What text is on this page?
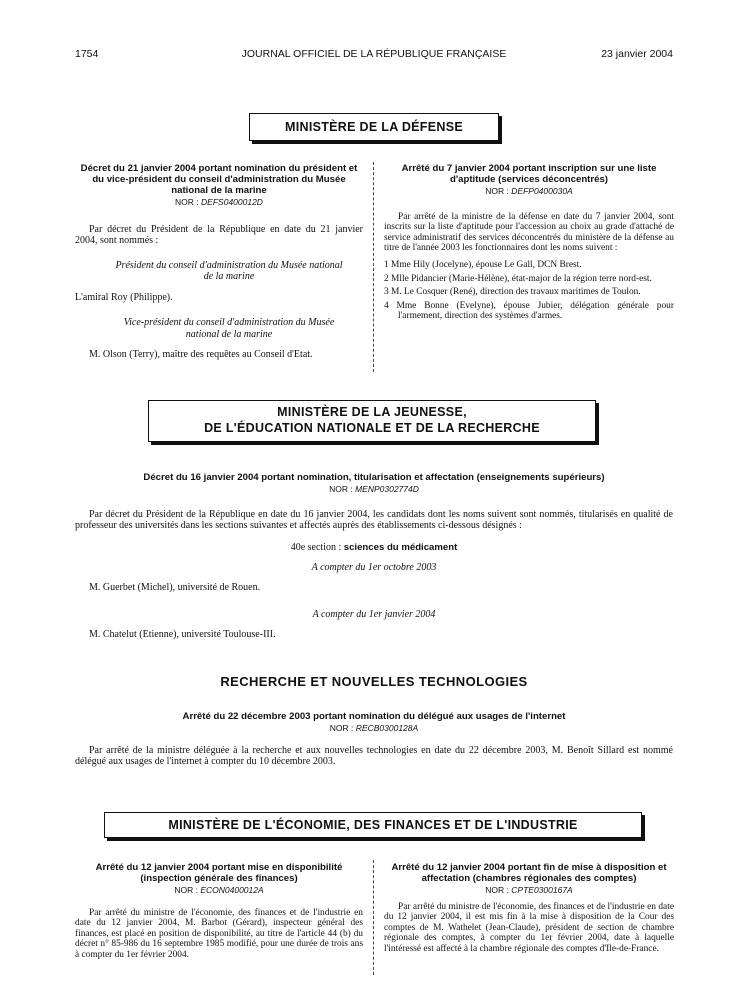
1754	JOURNAL OFFICIEL DE LA RÉPUBLIQUE FRANÇAISE	23 janvier 2004
MINISTÈRE DE LA DÉFENSE
Décret du 21 janvier 2004 portant nomination du président et du vice-président du conseil d'administration du Musée national de la marine
NOR : DEFS0400012D

Par décret du Président de la République en date du 21 janvier 2004, sont nommés :

Président du conseil d'administration du Musée national de la marine
L'amiral Roy (Philippe).
Vice-président du conseil d'administration du Musée national de la marine
M. Olson (Terry), maître des requêtes au Conseil d'Etat.
Arrêté du 7 janvier 2004 portant inscription sur une liste d'aptitude (services déconcentrés)
NOR : DEFP0400030A

Par arrêté de la ministre de la défense en date du 7 janvier 2004, sont inscrits sur la liste d'aptitude pour l'accession au choix au grade d'attaché de service administratif des services déconcentrés du ministère de la défense au titre de l'année 2003 les fonctionnaires dont les noms suivent :

1 Mme Hily (Jocelyne), épouse Le Gall, DCN Brest.
2 Mlle Pidancier (Marie-Hélène), état-major de la région terre nord-est.
3 M. Le Cosquer (René), direction des travaux maritimes de Toulon.
4 Mme Bonne (Evelyne), épouse Jubier, délégation générale pour l'armement, direction des systèmes d'armes.
MINISTÈRE DE LA JEUNESSE,
DE L'ÉDUCATION NATIONALE ET DE LA RECHERCHE
Décret du 16 janvier 2004 portant nomination, titularisation et affectation (enseignements supérieurs)
NOR : MENP0302774D

Par décret du Président de la République en date du 16 janvier 2004, les candidats dont les noms suivent sont nommés, titularisés en qualité de professeur des universités dans les sections suivantes et affectés auprès des établissements ci-dessous désignés :

40e section : sciences du médicament
A compter du 1er octobre 2003
M. Guerbet (Michel), université de Rouen.
A compter du 1er janvier 2004
M. Chatelut (Etienne), université Toulouse-III.
RECHERCHE ET NOUVELLES TECHNOLOGIES
Arrêté du 22 décembre 2003 portant nomination du délégué aux usages de l'internet
NOR : RECB0300128A

Par arrêté de la ministre déléguée à la recherche et aux nouvelles technologies en date du 22 décembre 2003, M. Benoît Sillard est nommé délégué aux usages de l'internet à compter du 10 décembre 2003.

MINISTÈRE DE L'ÉCONOMIE, DES FINANCES ET DE L'INDUSTRIE
Arrêté du 12 janvier 2004 portant mise en disponibilité (inspection générale des finances)
NOR : ECON0400012A

Par arrêté du ministre de l'économie, des finances et de l'industrie en date du 12 janvier 2004, M. Barbot (Gérard), inspecteur général des finances, est placé en position de disponibilité, au titre de l'article 44 (b) du décret n° 85-986 du 16 septembre 1985 modifié, pour une durée de trois ans à compter du 1er février 2004.

Arrêté du 12 janvier 2004 portant fin de mise à disposition et affectation (chambres régionales des comptes)
NOR : CPTE0300167A

Par arrêté du ministre de l'économie, des finances et de l'industrie en date du 12 janvier 2004, il est mis fin à la mise à disposition de la Cour des comptes de M. Wathelet (Jean-Claude), président de section de chambre régionale des comptes, à compter du 1er février 2004, date à laquelle l'intéressé est affecté à la chambre régionale des comptes d'Ile-de-France.
